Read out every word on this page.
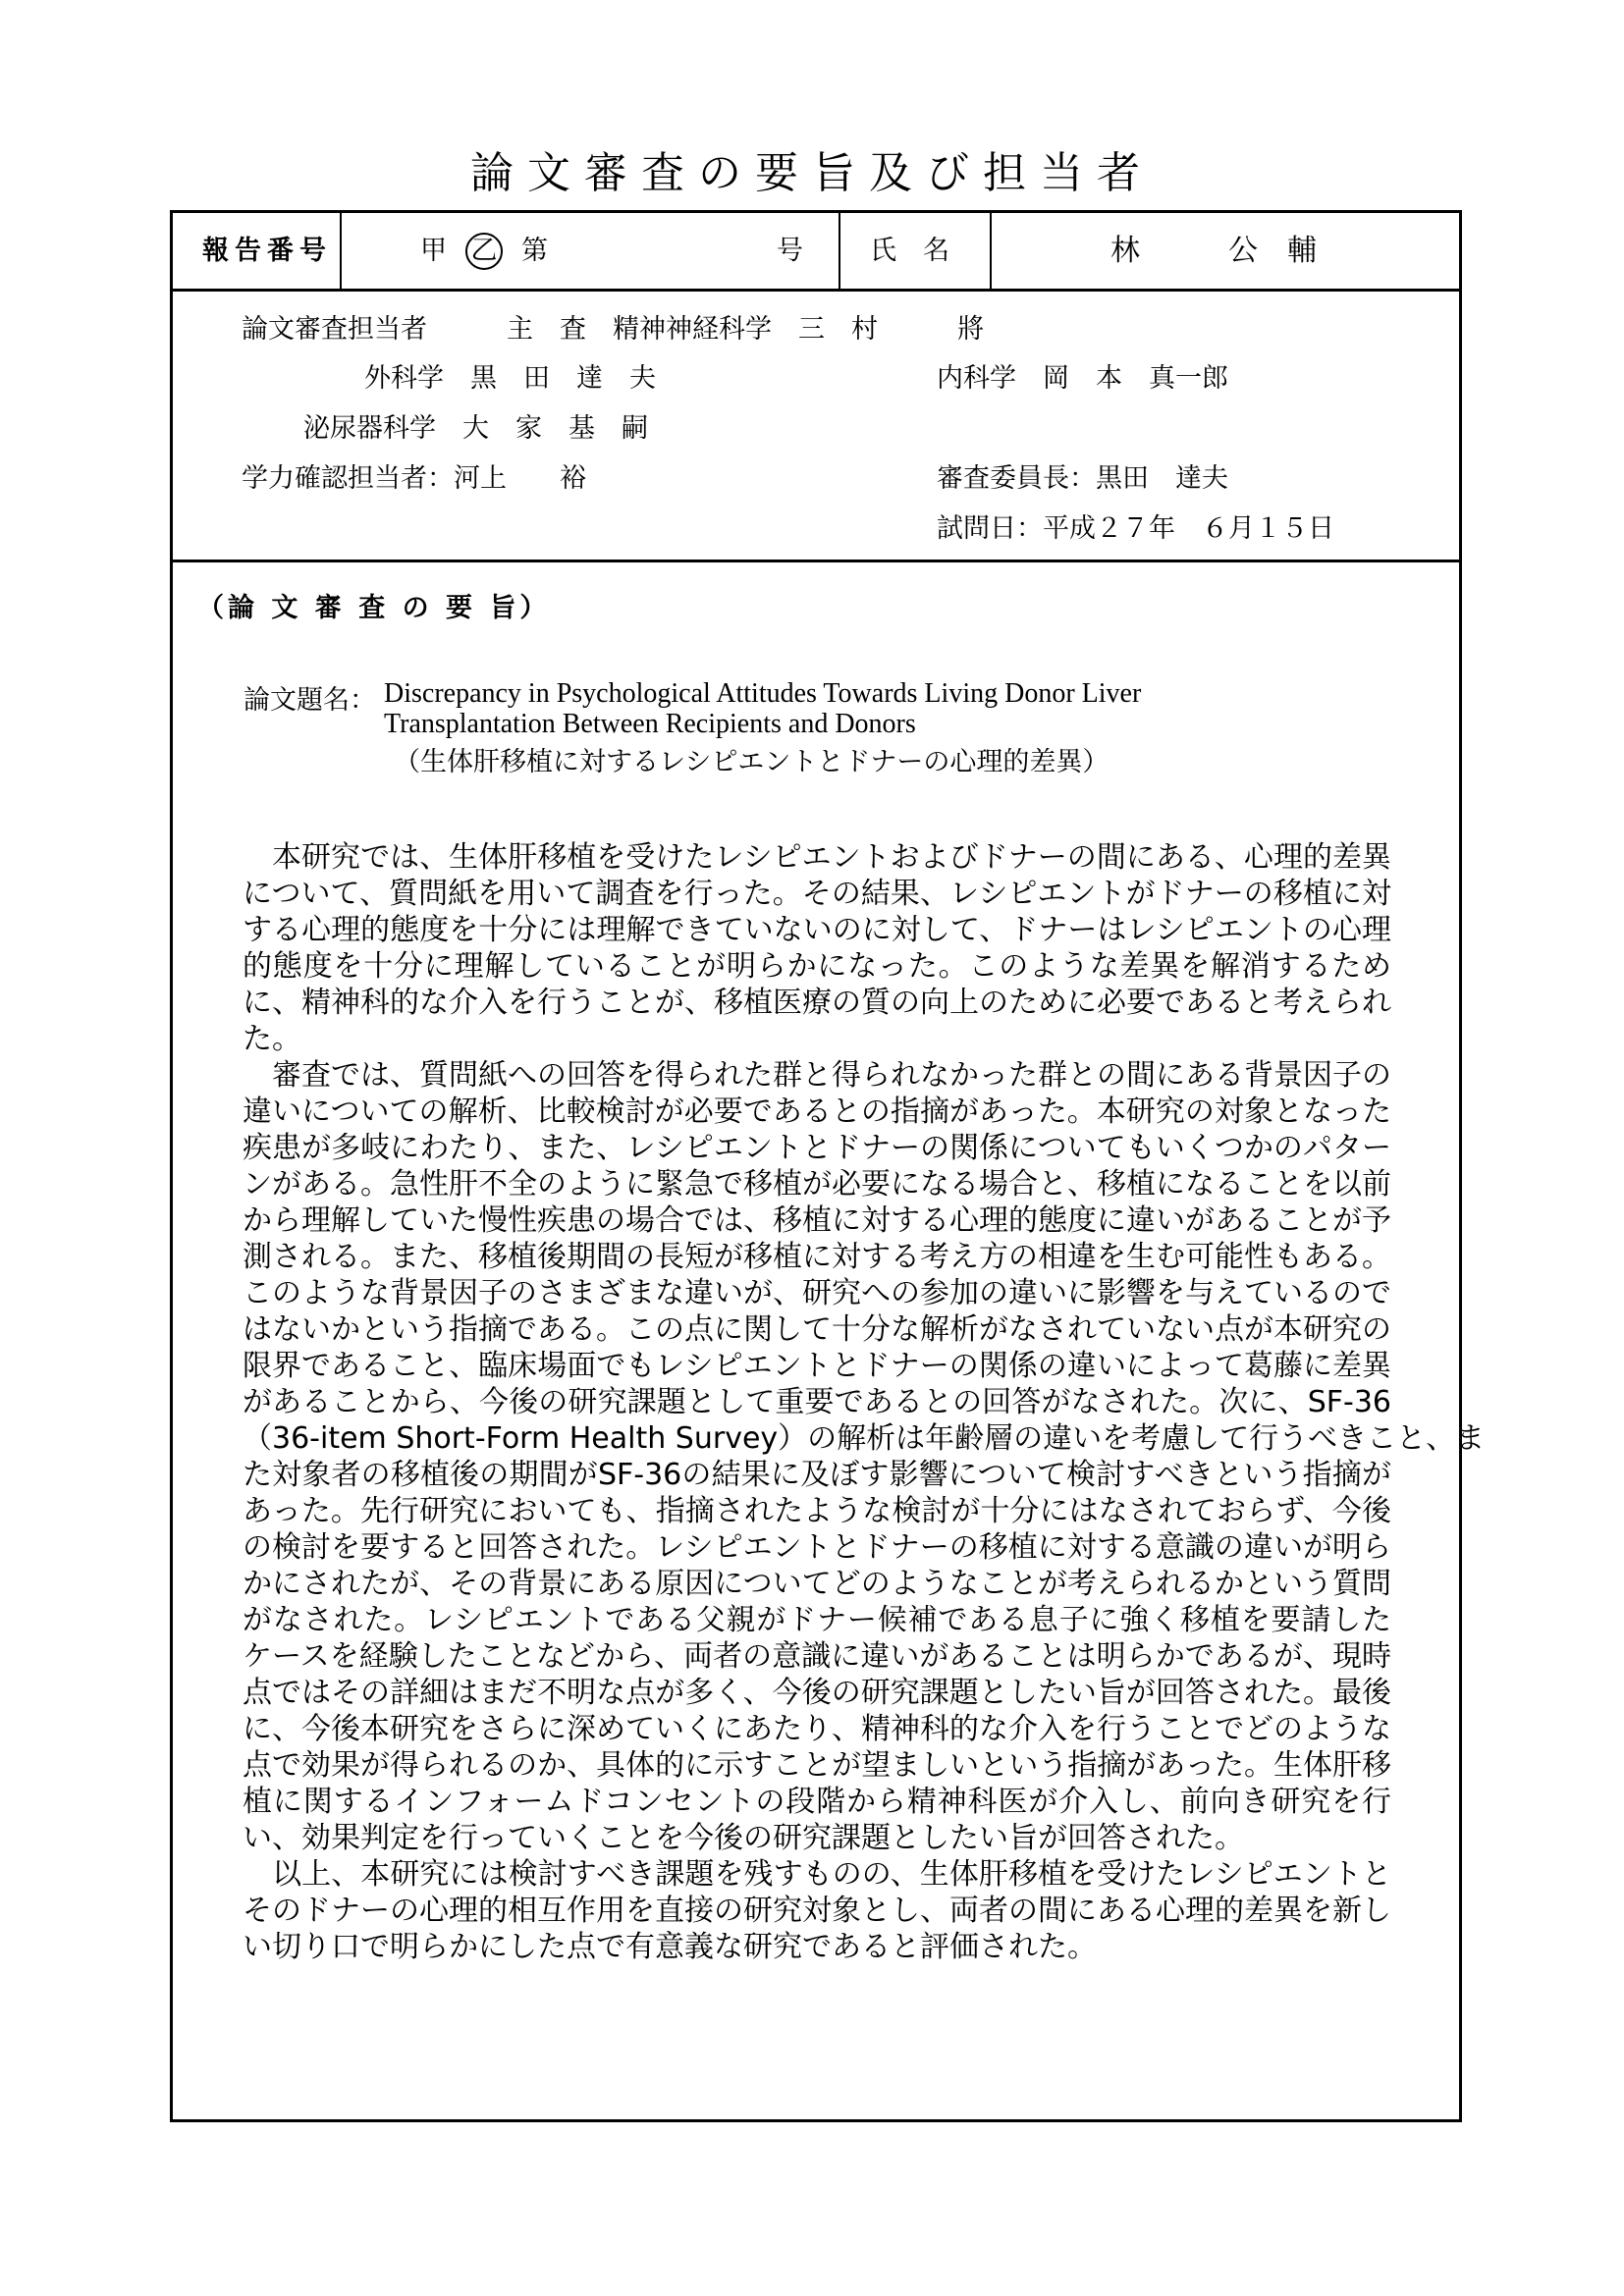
論文審査の要旨及び担当者
報告番号	甲 乙 第	号	氏　名	林　　　公　輔
論文審査担当者　　　主　査　精神神経科学　三　村　　　將
外科学　黒　田　達　夫	内科学　岡　本　真一郎
泌尿器科学　大　家　基　嗣
学力確認担当者：河上　　裕	審査委員長：黒田　達夫
試問日：平成２７年　６月１５日
（論 文 審 査 の 要 旨）
論文題名： Discrepancy in Psychological Attitudes Towards Living Donor Liver
Transplantation Between Recipients and Donors
（生体肝移植に対するレシピエントとドナーの心理的差異）
　本研究では、生体肝移植を受けたレシピエントおよびドナーの間にある、心理的差異
について、質問紙を用いて調査を行った。その結果、レシピエントがドナーの移植に対
する心理的態度を十分には理解できていないのに対して、ドナーはレシピエントの心理
的態度を十分に理解していることが明らかになった。このような差異を解消するため
に、精神科的な介入を行うことが、移植医療の質の向上のために必要であると考えられ
た。
　審査では、質問紙への回答を得られた群と得られなかった群との間にある背景因子の
違いについての解析、比較検討が必要であるとの指摘があった。本研究の対象となった
疾患が多岐にわたり、また、レシピエントとドナーの関係についてもいくつかのパター
ンがある。急性肝不全のように緊急で移植が必要になる場合と、移植になることを以前
から理解していた慢性疾患の場合では、移植に対する心理的態度に違いがあることが予
測される。また、移植後期間の長短が移植に対する考え方の相違を生む可能性もある。
このような背景因子のさまざまな違いが、研究への参加の違いに影響を与えているので
はないかという指摘である。この点に関して十分な解析がなされていない点が本研究の
限界であること、臨床場面でもレシピエントとドナーの関係の違いによって葛藤に差異
があることから、今後の研究課題として重要であるとの回答がなされた。次に、SF-36
（36-item Short-Form Health Survey）の解析は年齢層の違いを考慮して行うべきこと、ま
た対象者の移植後の期間がSF-36の結果に及ぼす影響について検討すべきという指摘が
あった。先行研究においても、指摘されたような検討が十分にはなされておらず、今後
の検討を要すると回答された。レシピエントとドナーの移植に対する意識の違いが明ら
かにされたが、その背景にある原因についてどのようなことが考えられるかという質問
がなされた。レシピエントである父親がドナー候補である息子に強く移植を要請した
ケースを経験したことなどから、両者の意識に違いがあることは明らかであるが、現時
点ではその詳細はまだ不明な点が多く、今後の研究課題としたい旨が回答された。最後
に、今後本研究をさらに深めていくにあたり、精神科的な介入を行うことでどのような
点で効果が得られるのか、具体的に示すことが望ましいという指摘があった。生体肝移
植に関するインフォームドコンセントの段階から精神科医が介入し、前向き研究を行
い、効果判定を行っていくことを今後の研究課題としたい旨が回答された。
　以上、本研究には検討すべき課題を残すものの、生体肝移植を受けたレシピエントと
そのドナーの心理的相互作用を直接の研究対象とし、両者の間にある心理的差異を新し
い切り口で明らかにした点で有意義な研究であると評価された。
